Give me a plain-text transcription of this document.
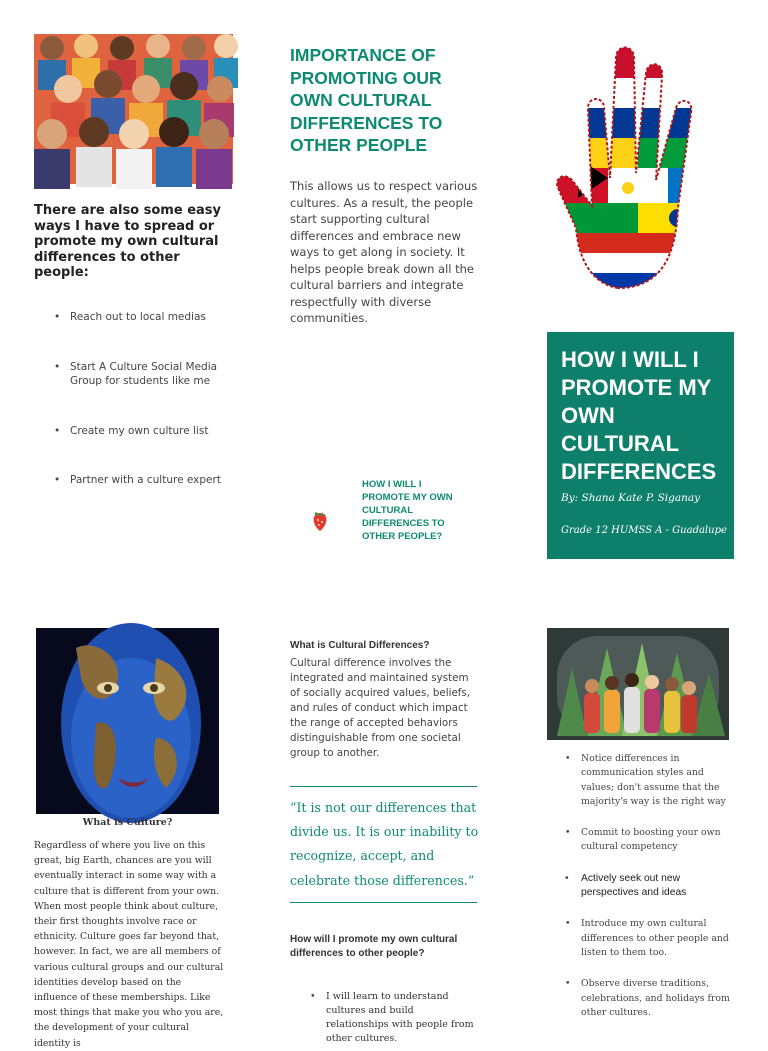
There are also some easy ways I have to spread or promote my own cultural differences to other people:
• Reach out to local medias
• Start A Culture Social Media Group for students like me
• Create my own culture list
• Partner with a culture expert
IMPORTANCE OF PROMOTING OUR OWN CULTURAL DIFFERENCES TO OTHER PEOPLE
This allows us to respect various cultures. As a result, the people start supporting cultural differences and embrace new ways to get along in society. It helps people break down all the cultural barriers and integrate respectfully with diverse communities.
HOW I WILL I PROMOTE MY OWN CULTURAL DIFFERENCES TO OTHER PEOPLE?
HOW I WILL I PROMOTE MY OWN CULTURAL DIFFERENCES
By: Shana Kate P. Siganay
Grade 12 HUMSS A - Guadalupe
What is Culture?
Regardless of where you live on this great, big Earth, chances are you will eventually interact in some way with a culture that is different from your own. When most people think about culture, their first thoughts involve race or ethnicity. Culture goes far beyond that, however. In fact, we are all members of various cultural groups and our cultural identities develop based on the influence of these memberships. Like most things that make you who you are, the development of your cultural identity is
What is Cultural Differences?
Cultural difference involves the integrated and maintained system of socially acquired values, beliefs, and rules of conduct which impact the range of accepted behaviors distinguishable from one societal group to another.
“It is not our differences that divide us. It is our inability to recognize, accept, and celebrate those differences.”
How will I promote my own cultural differences to other people?
• I will learn to understand cultures and build relationships with people from other cultures.
• Notice differences in communication styles and values; don't assume that the majority's way is the right way
• Commit to boosting your own cultural competency
• Actively seek out new perspectives and ideas
• Introduce my own cultural differences to other people and listen to them too.
• Observe diverse traditions, celebrations, and holidays from other cultures.
